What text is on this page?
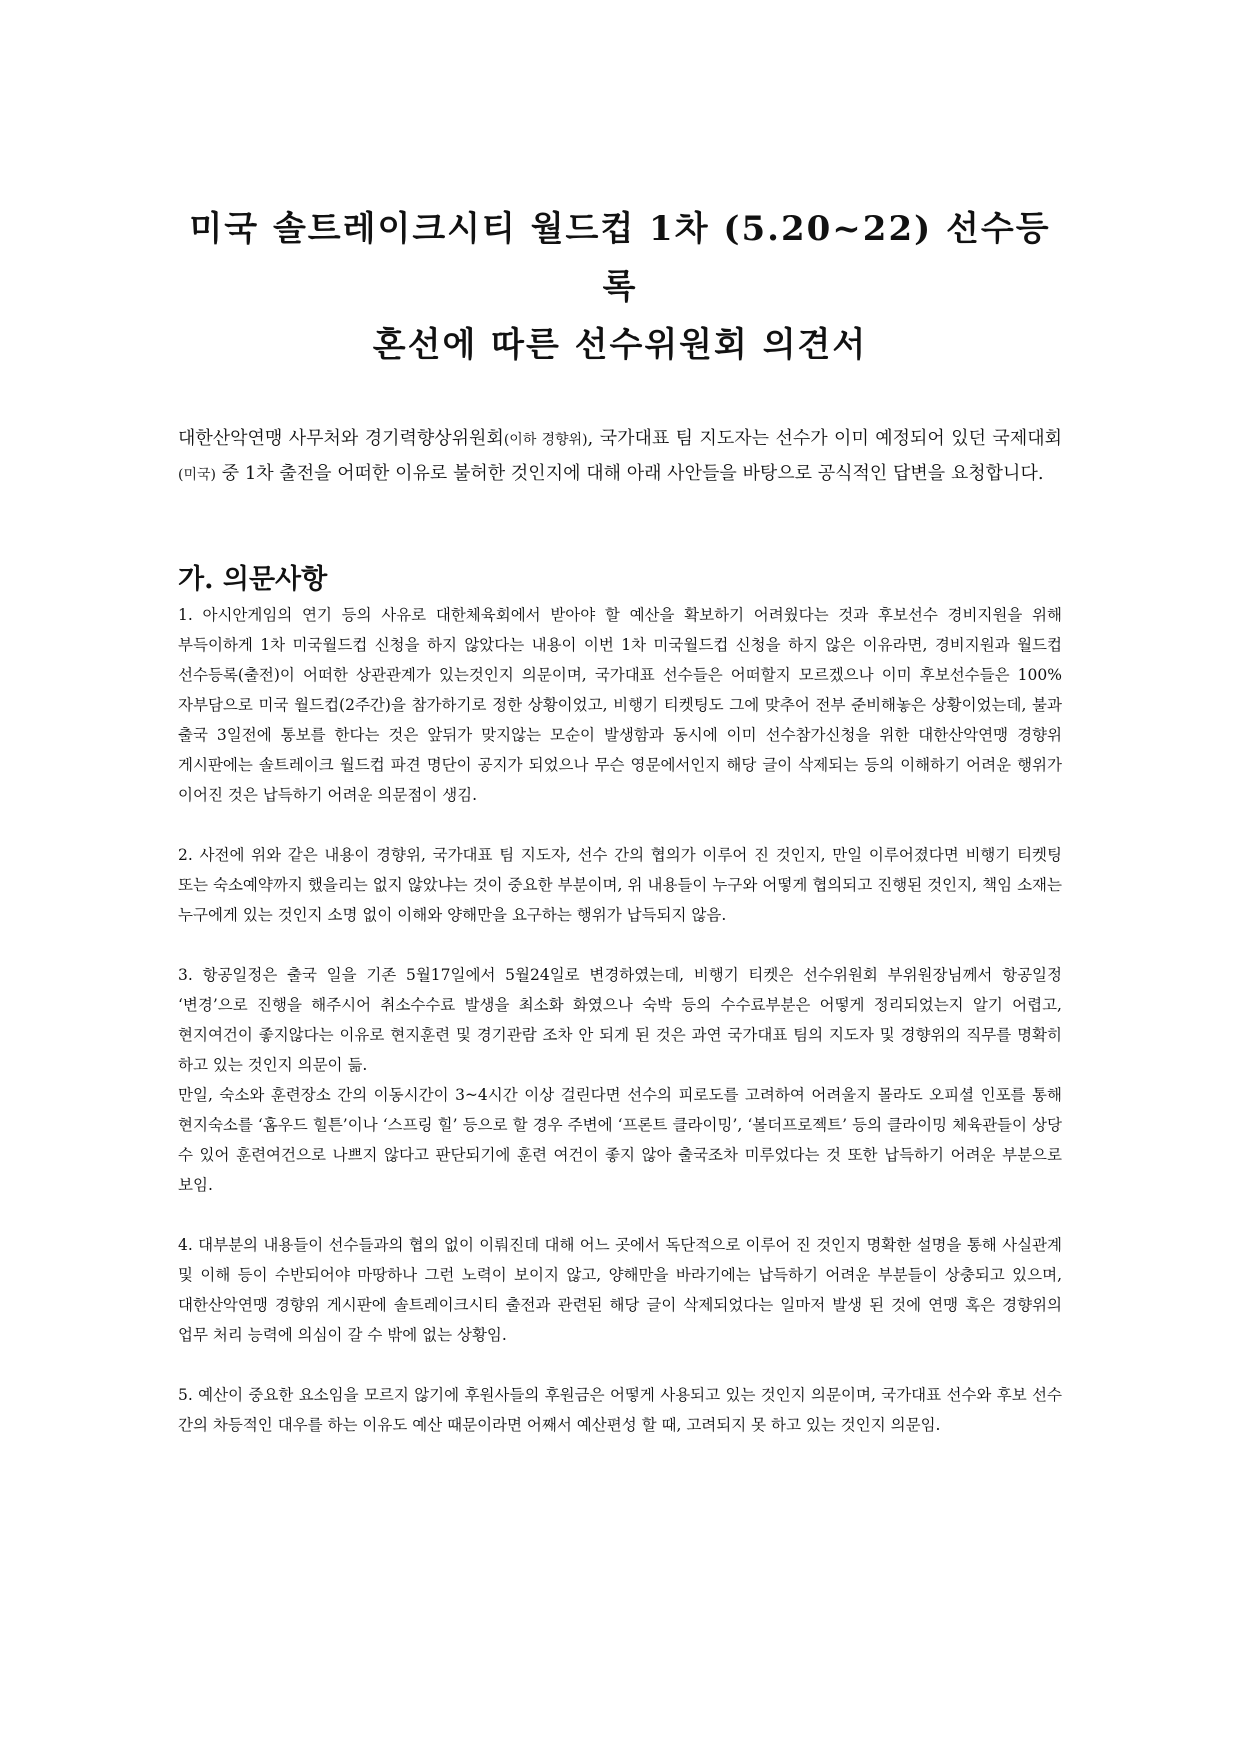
미국 솔트레이크시티 월드컵 1차 (5.20~22) 선수등록
혼선에 따른 선수위원회 의견서
대한산악연맹 사무처와 경기력향상위원회(이하 경향위), 국가대표 팀 지도자는 선수가 이미 예정되어 있던 국제대회(미국) 중 1차 출전을 어떠한 이유로 불허한 것인지에 대해 아래 사안들을 바탕으로 공식적인 답변을 요청합니다.
가. 의문사항

1. 아시안게임의 연기 등의 사유로 대한체육회에서 받아야 할 예산을 확보하기 어려웠다는 것과 후보선수 경비지원을 위해 부득이하게 1차 미국월드컵 신청을 하지 않았다는 내용이 이번 1차 미국월드컵 신청을 하지 않은 이유라면, 경비지원과 월드컵 선수등록(출전)이 어떠한 상관관계가 있는것인지 의문이며, 국가대표 선수들은 어떠할지 모르겠으나 이미 후보선수들은 100% 자부담으로 미국 월드컵(2주간)을 참가하기로 정한 상황이었고, 비행기 티켓팅도 그에 맞추어 전부 준비해놓은 상황이었는데, 불과 출국 3일전에 통보를 한다는 것은 앞뒤가 맞지않는 모순이 발생함과 동시에 이미 선수참가신청을 위한 대한산악연맹 경향위 게시판에는 솔트레이크 월드컵 파견 명단이 공지가 되었으나 무슨 영문에서인지 해당 글이 삭제되는 등의 이해하기 어려운 행위가 이어진 것은 납득하기 어려운 의문점이 생김.

2. 사전에 위와 같은 내용이 경향위, 국가대표 팀 지도자, 선수 간의 협의가 이루어 진 것인지, 만일 이루어졌다면 비행기 티켓팅 또는 숙소예약까지 했을리는 없지 않았냐는 것이 중요한 부분이며, 위 내용들이 누구와 어떻게 협의되고 진행된 것인지, 책임 소재는 누구에게 있는 것인지 소명 없이 이해와 양해만을 요구하는 행위가 납득되지 않음.

3. 항공일정은 출국 일을 기존 5월17일에서 5월24일로 변경하였는데, 비행기 티켓은 선수위원회 부위원장님께서 항공일정 ‘변경’으로 진행을 해주시어 취소수수료 발생을 최소화 화였으나 숙박 등의 수수료부분은 어떻게 정리되었는지 알기 어렵고, 현지여건이 좋지않다는 이유로 현지훈련 및 경기관람 조차 안 되게 된 것은 과연 국가대표 팀의 지도자 및 경향위의 직무를 명확히 하고 있는 것인지 의문이 듦.

만일, 숙소와 훈련장소 간의 이동시간이 3~4시간 이상 걸린다면 선수의 피로도를 고려하여 어려울지 몰라도 오피셜 인포를 통해 현지숙소를 ‘홈우드 힐튼’이나 ‘스프링 힐’ 등으로 할 경우 주변에 ‘프론트 클라이밍’, ‘볼더프로젝트’ 등의 클라이밍 체육관들이 상당 수 있어 훈련여건으로 나쁘지 않다고 판단되기에 훈련 여건이 좋지 않아 출국조차 미루었다는 것 또한 납득하기 어려운 부분으로 보임.

4. 대부분의 내용들이 선수들과의 협의 없이 이뤄진데 대해 어느 곳에서 독단적으로 이루어 진 것인지 명확한 설명을 통해 사실관계 및 이해 등이 수반되어야 마땅하나 그런 노력이 보이지 않고, 양해만을 바라기에는 납득하기 어려운 부분들이 상충되고 있으며, 대한산악연맹 경향위 게시판에 솔트레이크시티 출전과 관련된 해당 글이 삭제되었다는 일마저 발생 된 것에 연맹 혹은 경향위의 업무 처리 능력에 의심이 갈 수 밖에 없는 상황임.

5. 예산이 중요한 요소임을 모르지 않기에 후원사들의 후원금은 어떻게 사용되고 있는 것인지 의문이며, 국가대표 선수와 후보 선수 간의 차등적인 대우를 하는 이유도 예산 때문이라면 어째서 예산편성 할 때, 고려되지 못 하고 있는 것인지 의문임.
